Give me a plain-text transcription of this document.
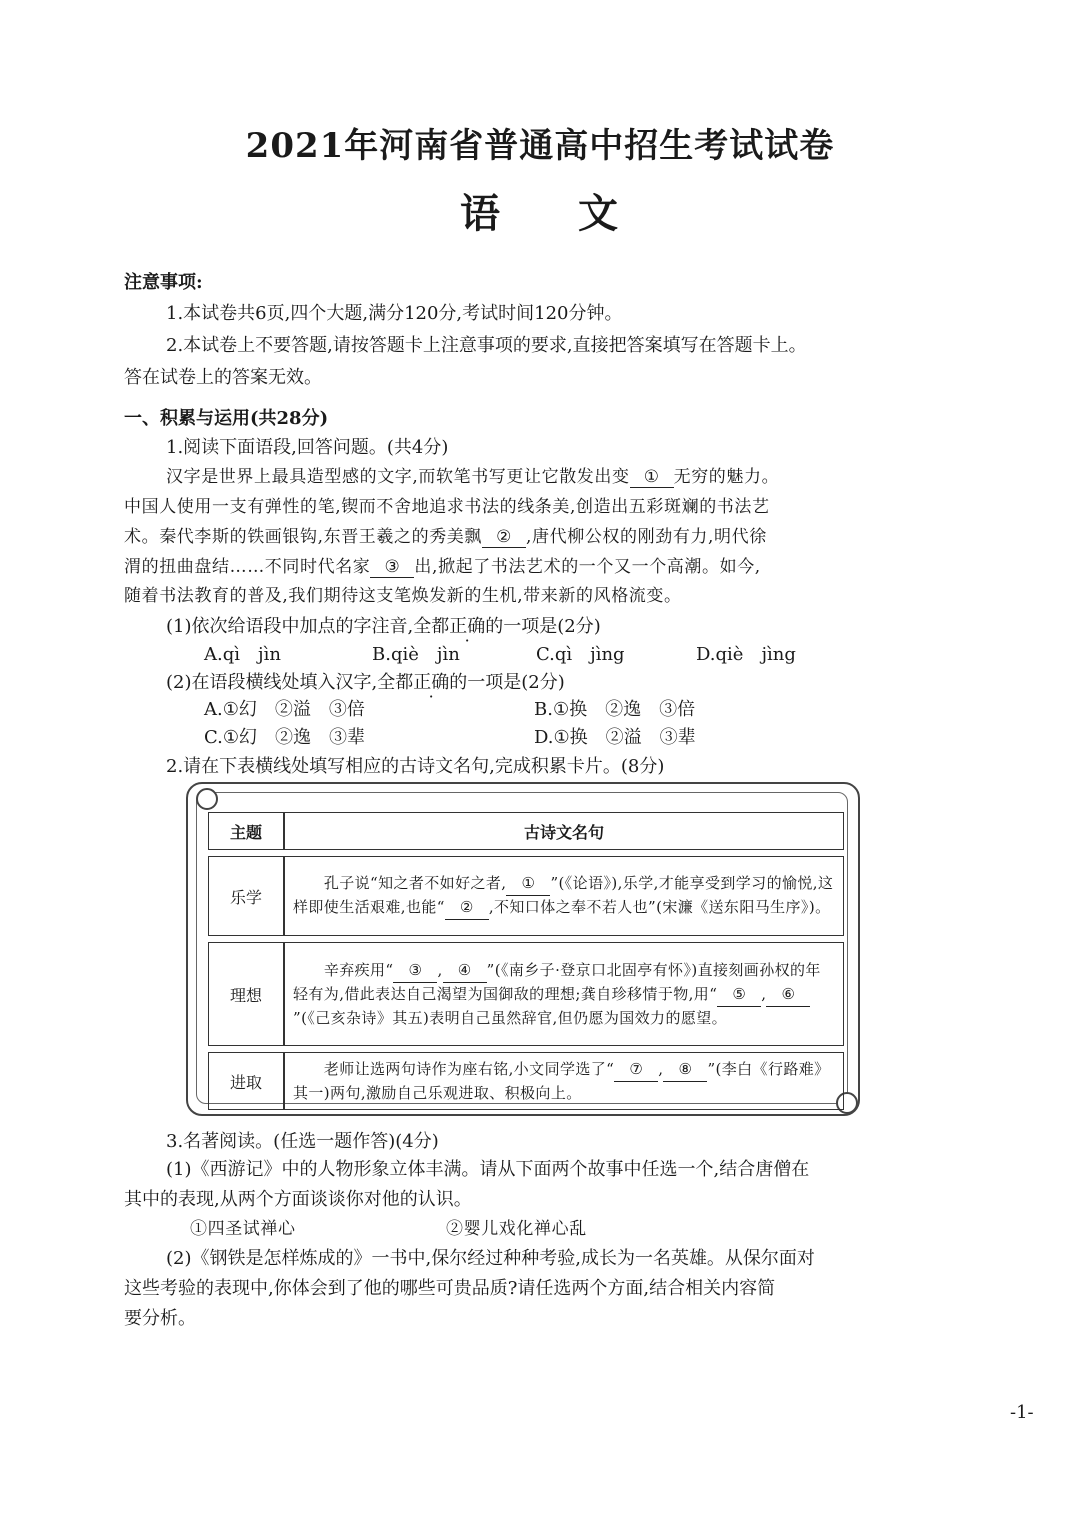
2021年河南省普通高中招生考试试卷
语 文
注意事项:
1.本试卷共6页,四个大题,满分120分,考试时间120分钟。
2.本试卷上不要答题,请按答题卡上注意事项的要求,直接把答案填写在答题卡上。
答在试卷上的答案无效。
一、积累与运用(共28分)
1.阅读下面语段,回答问题。(共4分)
汉字是世界上最具造型感的文字,而软笔书写更让它散发出变 ① 无穷的魅力。
中国人使用一支有弹性的笔,锲而不舍地追求书法的线条美,创造出五彩斑斓的书法艺
术。秦代李斯的铁画银钩,东晋王羲之的秀美飘 ② ,唐代柳公权的刚劲有力,明代徐
渭的扭曲盘结……不同时代名家 ③ 出,掀起了书法艺术的一个又一个高潮。如今,
随着书法教育的普及,我们期待这支笔焕发新的生机,带来新的风格流变。
(1)依次给语段中加点的字注音,全都正确的一项是(2分)
A.qì　jìn	B.qiè　jìn	C.qì　jìng	D.qiè　jìng
(2)在语段横线处填入汉字,全都正确的一项是(2分)
A.①幻　②溢　③倍	B.①换　②逸　③倍
C.①幻　②逸　③辈	D.①换　②溢　③辈
2.请在下表横线处填写相应的古诗文名句,完成积累卡片。(8分)
主题	古诗文名句
乐学	　　孔子说“知之者不如好之者, ① ”(《论语》),乐学,才能享受到学习的愉悦,这样即使生活艰难,也能“ ② ,不知口体之奉不若人也”(宋濂《送东阳马生序》)。
理想	　　辛弃疾用“ ③ , ④ ”(《南乡子·登京口北固亭有怀》)直接刻画孙权的年轻有为,借此表达自己渴望为国御敌的理想;龚自珍移情于物,用“ ⑤ , ⑥”(《己亥杂诗》其五)表明自己虽然辞官,但仍愿为国效力的愿望。
进取	　　老师让选两句诗作为座右铭,小文同学选了“ ⑦ , ⑧ ”(李白《行路难》其一)两句,激励自己乐观进取、积极向上。
3.名著阅读。(任选一题作答)(4分)
(1)《西游记》中的人物形象立体丰满。请从下面两个故事中任选一个,结合唐僧在
其中的表现,从两个方面谈谈你对他的认识。
①四圣试禅心	②婴儿戏化禅心乱
(2)《钢铁是怎样炼成的》一书中,保尔经过种种考验,成长为一名英雄。从保尔面对
这些考验的表现中,你体会到了他的哪些可贵品质?请任选两个方面,结合相关内容简
要分析。
-1-
